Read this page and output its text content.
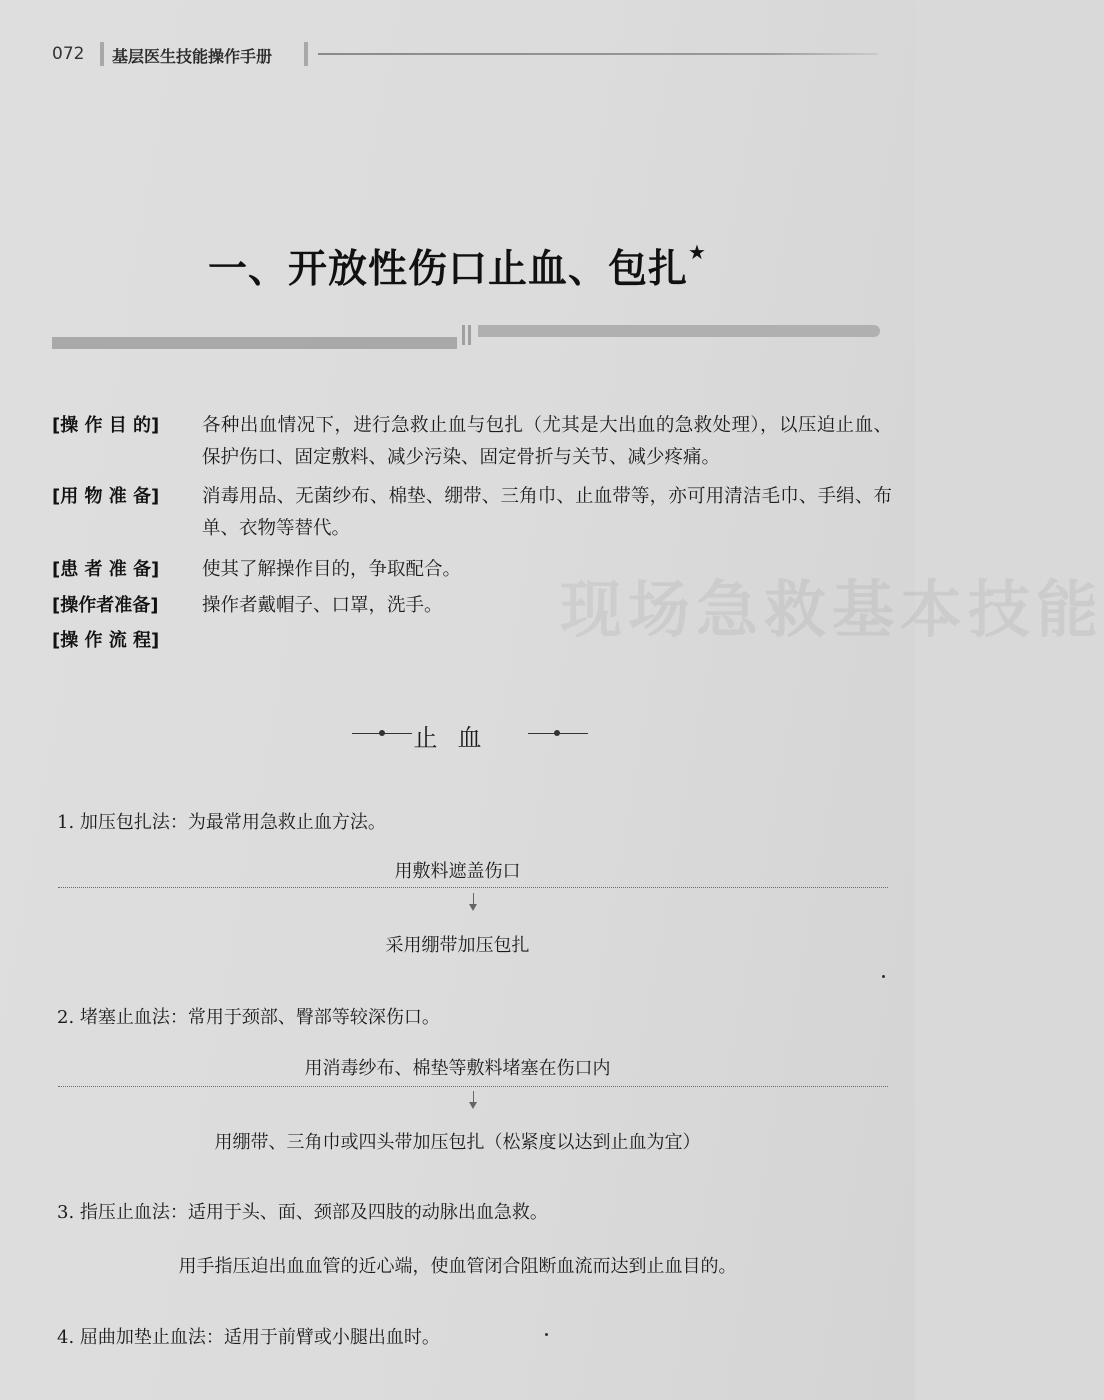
现场急救基本技能
072 基层医生技能操作手册
一、开放性伤口止血、包扎★
[操 作 目 的] 各种出血情况下，进行急救止血与包扎（尤其是大出血的急救处理），以压迫止血、保护伤口、固定敷料、减少污染、固定骨折与关节、减少疼痛。
[用 物 准 备] 消毒用品、无菌纱布、棉垫、绷带、三角巾、止血带等，亦可用清洁毛巾、手绢、布单、衣物等替代。
[患 者 准 备] 使其了解操作目的，争取配合。
[操作者准备] 操作者戴帽子、口罩，洗手。
[操 作 流 程]
止血
1. 加压包扎法：为最常用急救止血方法。
用敷料遮盖伤口
采用绷带加压包扎
2. 堵塞止血法：常用于颈部、臀部等较深伤口。
用消毒纱布、棉垫等敷料堵塞在伤口内
用绷带、三角巾或四头带加压包扎（松紧度以达到止血为宜）
3. 指压止血法：适用于头、面、颈部及四肢的动脉出血急救。
用手指压迫出血血管的近心端，使血管闭合阻断血流而达到止血目的。
4. 屈曲加垫止血法：适用于前臂或小腿出血时。
